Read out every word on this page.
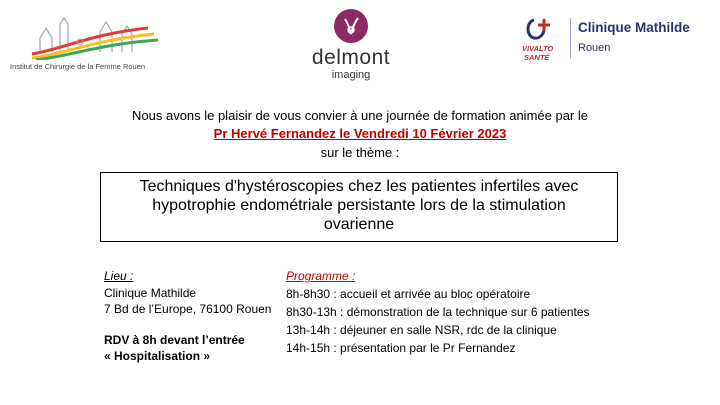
Institut de Chirurgie de la Femme Rouen	delmont
imaging
VIVALTO
SANTÉ
Clinique Mathilde
Rouen
Nous avons le plaisir de vous convier à une journée de formation animée par le
Pr Hervé Fernandez le Vendredi 10 Février 2023
sur le thème :
Techniques d'hystéroscopies chez les patientes infertiles avec
hypotrophie endométriale persistante lors de la stimulation
ovarienne
Lieu :
Clinique Mathilde
7 Bd de l’Europe, 76100 Rouen
RDV à 8h devant l’entrée
« Hospitalisation »
Programme :
8h-8h30 : accueil et arrivée au bloc opératoire
8h30-13h : démonstration de la technique sur 6 patientes
13h-14h : déjeuner en salle NSR, rdc de la clinique
14h-15h : présentation par le Pr Fernandez
